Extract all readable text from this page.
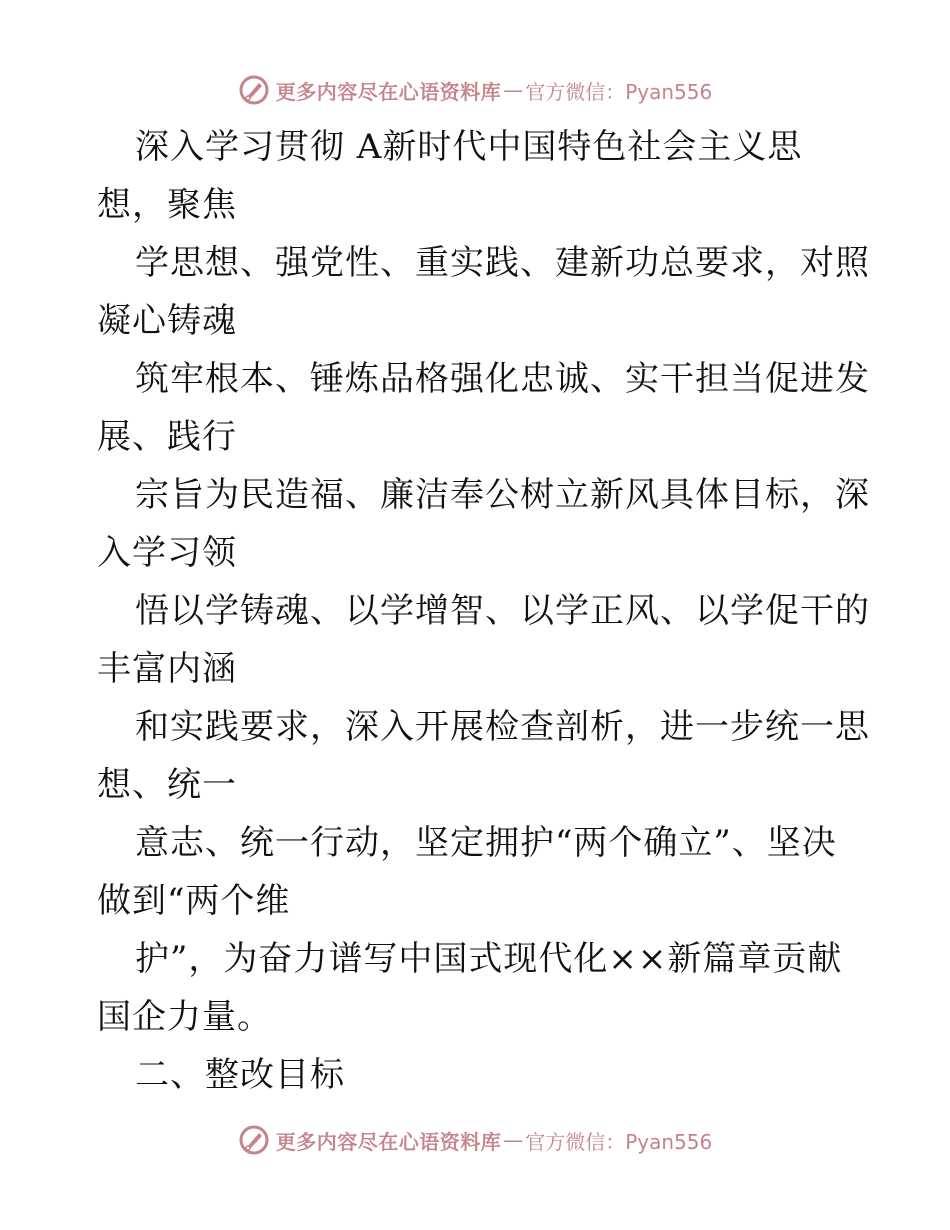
更多内容尽在心语资料库 — 官方微信：Pyan556
深入学习贯彻 A新时代中国特色社会主义思
想，聚焦
学思想、强党性、重实践、建新功总要求，对照
凝心铸魂
筑牢根本、锤炼品格强化忠诚、实干担当促进发
展、践行
宗旨为民造福、廉洁奉公树立新风具体目标，深
入学习领
悟以学铸魂、以学增智、以学正风、以学促干的
丰富内涵
和实践要求，深入开展检查剖析，进一步统一思
想、统一
意志、统一行动，坚定拥护“两个确立”、坚决
做到“两个维
护”，为奋力谱写中国式现代化××新篇章贡献
国企力量。
二、整改目标
更多内容尽在心语资料库 — 官方微信：Pyan556
